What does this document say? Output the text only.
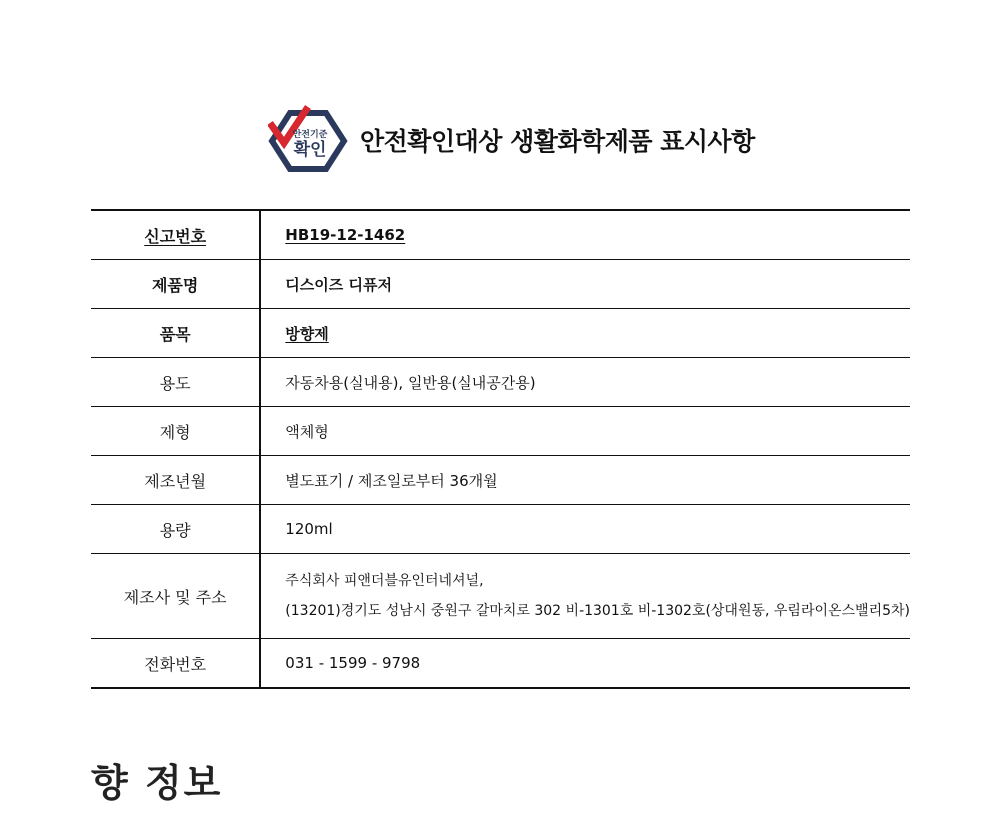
안전기준
확인 안전확인대상 생활화학제품 표시사항
신고번호	HB19-12-1462
제품명	디스이즈 디퓨저
품목	방향제
용도	자동차용(실내용), 일반용(실내공간용)
제형	액체형
제조년월	별도표기 / 제조일로부터 36개월
용량	120ml
제조사 및 주소	주식회사 피앤더블유인터네셔널,
(13201)경기도 성남시 중원구 갈마치로 302 비-1301호 비-1302호(상대원동, 우림라이온스밸리5차)

전화번호	031 - 1599 - 9798
향 정보
